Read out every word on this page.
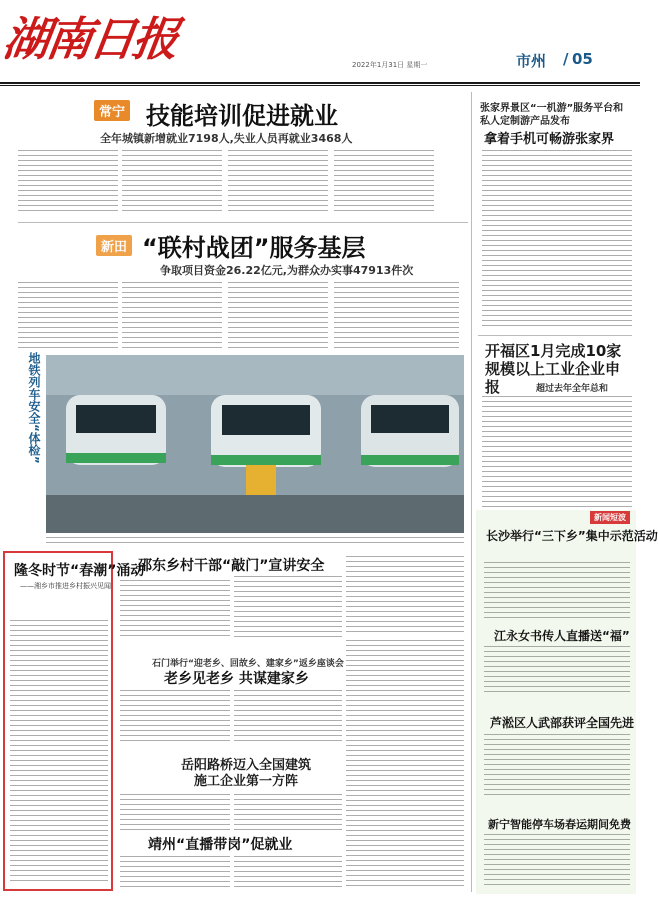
湖南日报	2022年1月31日 星期一	市州 / 05
常宁 技能培训促进就业
全年城镇新增就业7198人,失业人员再就业3468人
新田 “联村战团”服务基层
争取项目资金26.22亿元,为群众办实事47913件次
地铁列车安全“体检”
张家界景区“一机游”服务平台和私人定制游产品发布
拿着手机可畅游张家界
开福区1月完成10家规模以上工业企业申报	超过去年全年总和
新闻短波
长沙举行“三下乡”集中示范活动
江永女书传人直播送“福”
芦淞区人武部获评全国先进
新宁智能停车场春运期间免费
隆冬时节“春潮”涌动
——湘乡市推进乡村振兴见闻
邵东乡村干部“敲门”宣讲安全
石门举行“迎老乡、回故乡、建家乡”返乡座谈会
老乡见老乡 共谋建家乡
岳阳路桥迈入全国建筑施工企业第一方阵
靖州“直播带岗”促就业
